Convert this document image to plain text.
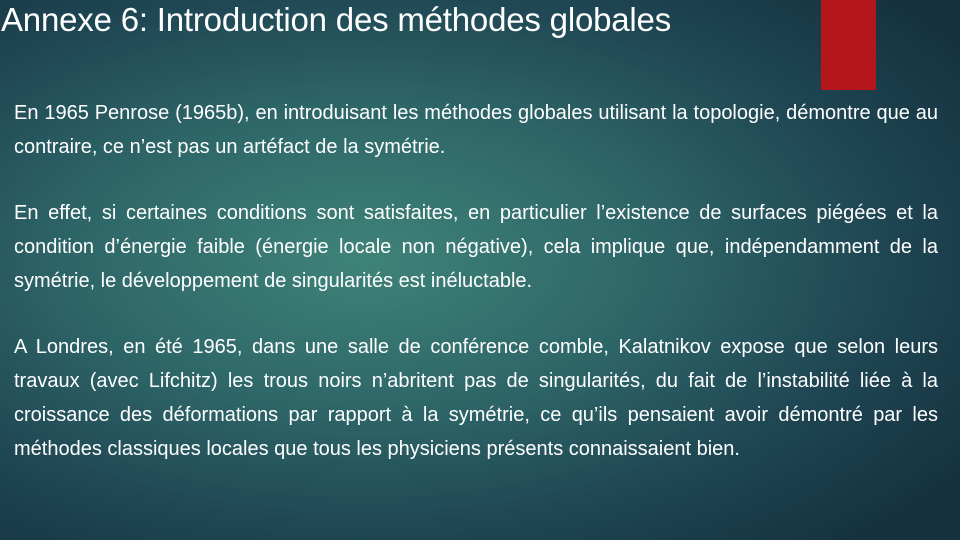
Annexe 6: Introduction des méthodes globales

En 1965 Penrose (1965b), en introduisant les méthodes globales utilisant la topologie, démontre que au contraire, ce n’est pas un artéfact de la symétrie.

En effet, si certaines conditions sont satisfaites, en particulier l’existence de surfaces piégées et la condition d’énergie faible (énergie locale non négative), cela implique que, indépendamment de la symétrie, le développement de singularités est inéluctable.

A Londres, en été 1965, dans une salle de conférence comble, Kalatnikov expose que selon leurs travaux (avec Lifchitz) les trous noirs n’abritent pas de singularités, du fait de l’instabilité liée à la croissance des déformations par rapport à la symétrie, ce qu’ils pensaient avoir démontré par les méthodes classiques locales que tous les physiciens présents connaissaient bien.
